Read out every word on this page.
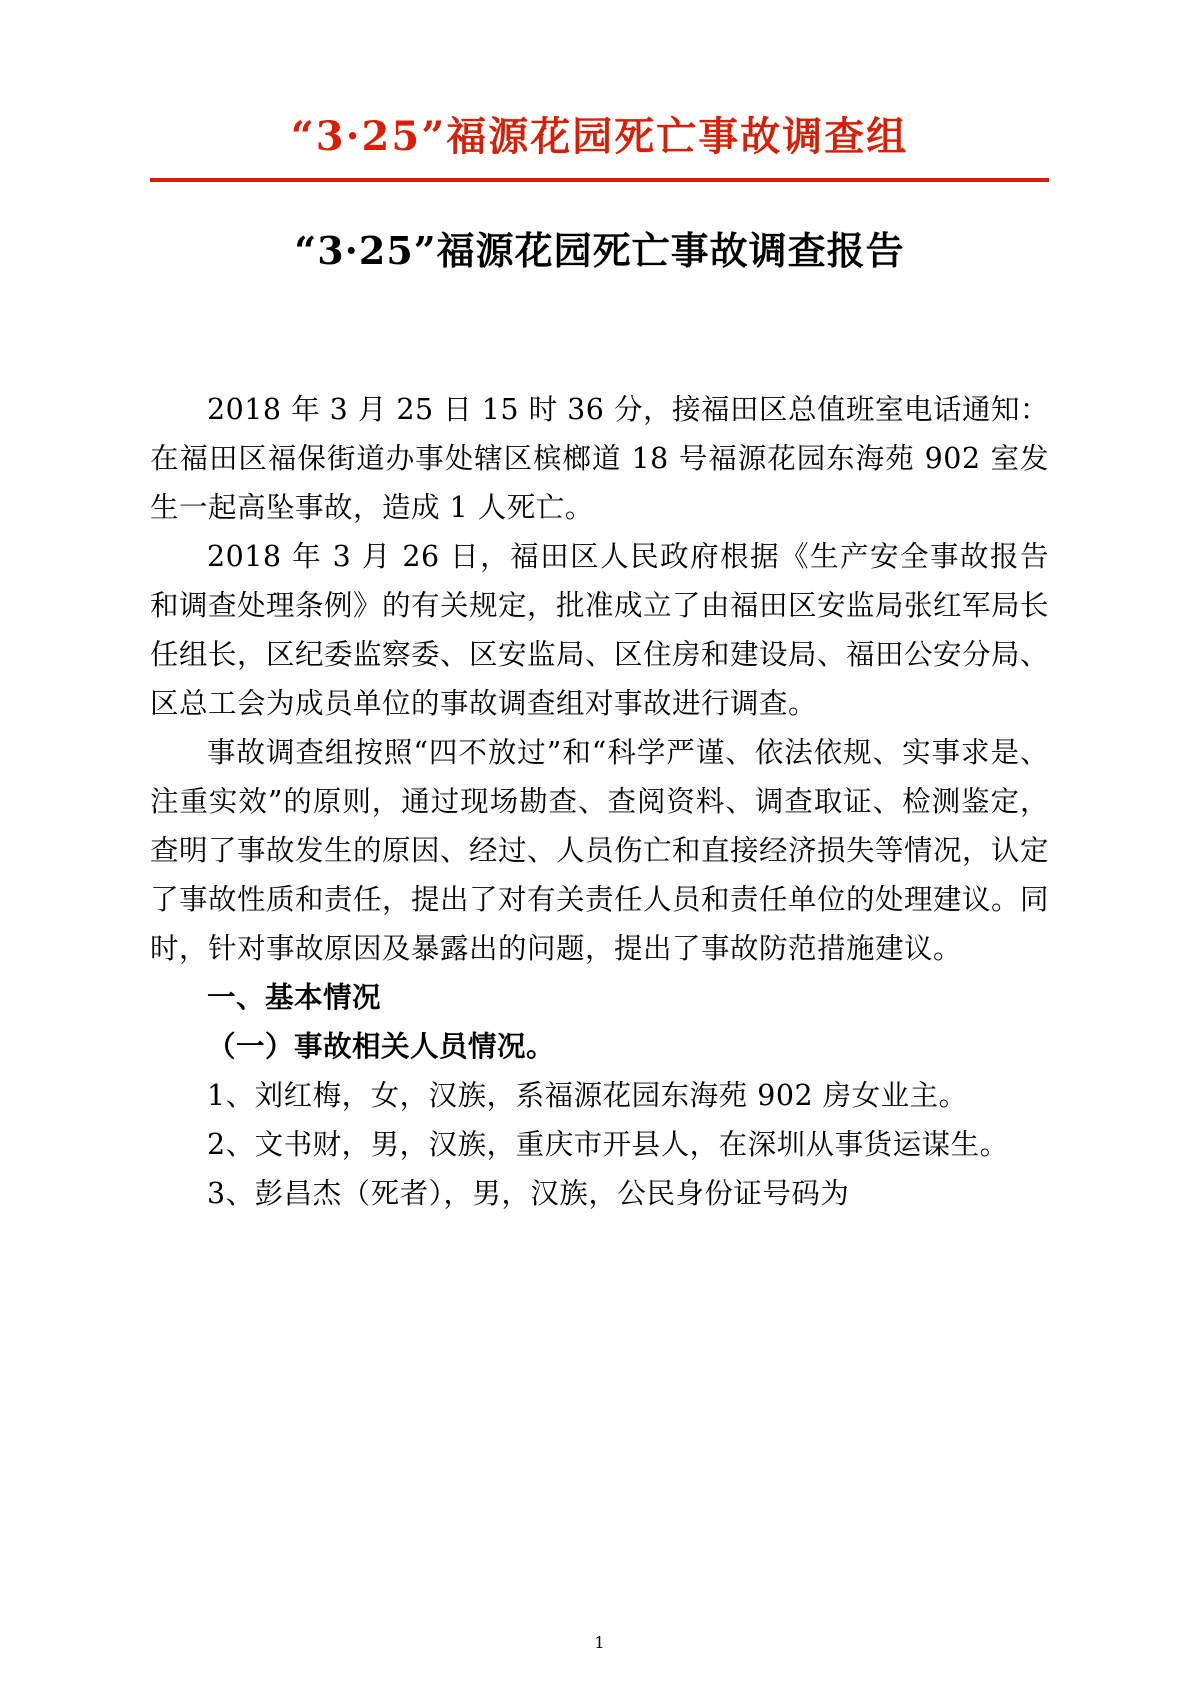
“3·25”福源花园死亡事故调查组
“3·25”福源花园死亡事故调查报告

2018 年 3 月 25 日 15 时 36 分，接福田区总值班室电话通知：在福田区福保街道办事处辖区槟榔道 18 号福源花园东海苑 902 室发生一起高坠事故，造成 1 人死亡。

2018 年 3 月 26 日，福田区人民政府根据《生产安全事故报告和调查处理条例》的有关规定，批准成立了由福田区安监局张红军局长任组长，区纪委监察委、区安监局、区住房和建设局、福田公安分局、区总工会为成员单位的事故调查组对事故进行调查。

事故调查组按照“四不放过”和“科学严谨、依法依规、实事求是、注重实效”的原则，通过现场勘查、查阅资料、调查取证、检测鉴定，查明了事故发生的原因、经过、人员伤亡和直接经济损失等情况，认定了事故性质和责任，提出了对有关责任人员和责任单位的处理建议。同时，针对事故原因及暴露出的问题，提出了事故防范措施建议。

一、基本情况

（一）事故相关人员情况。

1、刘红梅，女，汉族，系福源花园东海苑 902 房女业主。

2、文书财，男，汉族，重庆市开县人，在深圳从事货运谋生。

3、彭昌杰（死者），男，汉族，公民身份证号码为

1
